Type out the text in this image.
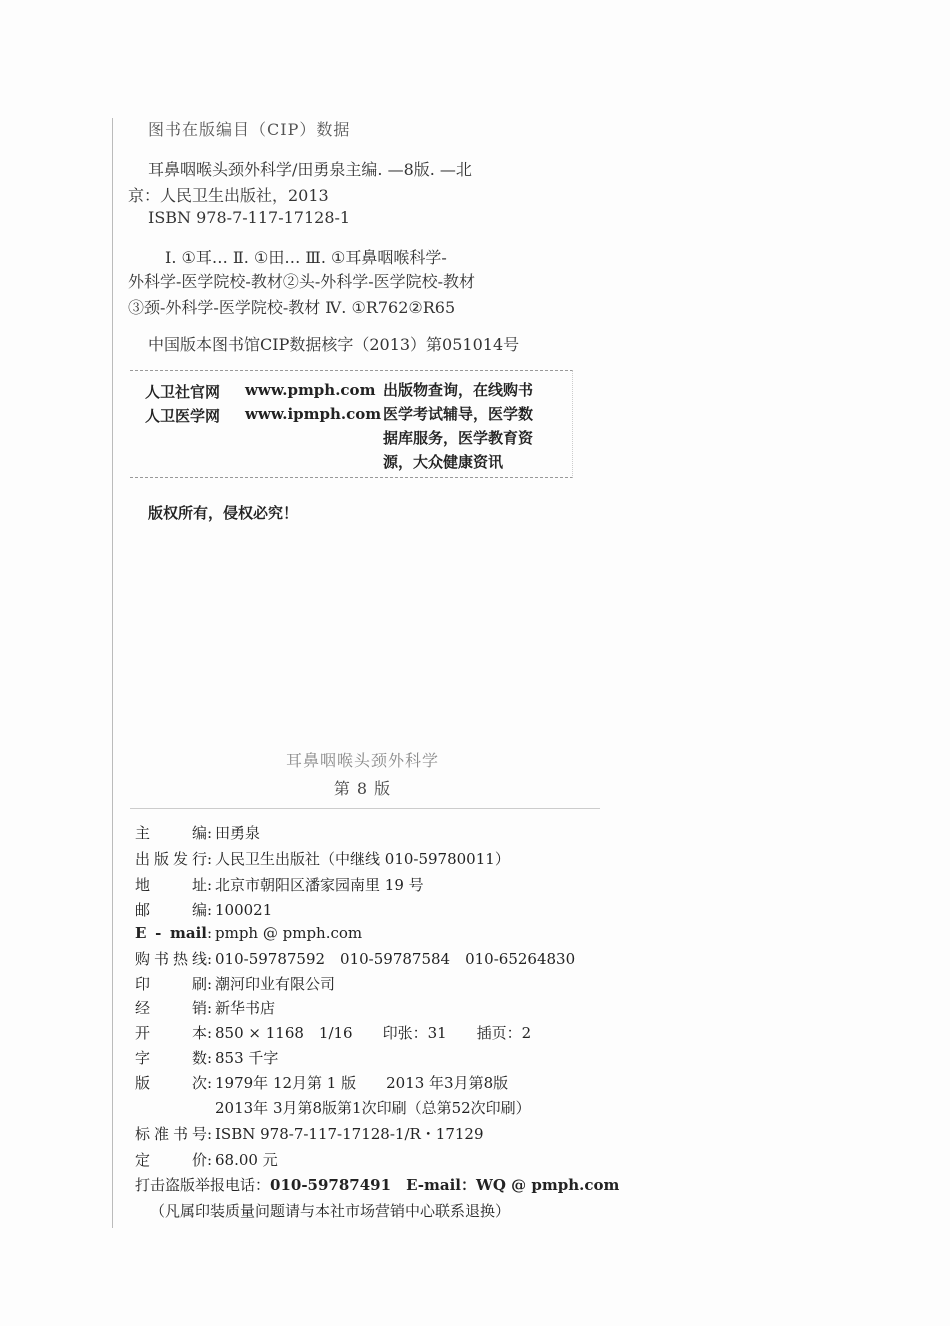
图书在版编目（CIP）数据
耳鼻咽喉头颈外科学/田勇泉主编. —8版. —北
京：人民卫生出版社，2013
ISBN 978-7-117-17128-1
Ⅰ. ①耳… Ⅱ. ①田… Ⅲ. ①耳鼻咽喉科学-
外科学-医学院校-教材②头-外科学-医学院校-教材
③颈-外科学-医学院校-教材 Ⅳ. ①R762②R65
中国版本图书馆CIP数据核字（2013）第051014号
人卫社官网 www.pmph.com
人卫医学网 www.ipmph.com
出版物查询，在线购书
医学考试辅导，医学数
据库服务，医学教育资
源，大众健康资讯
版权所有，侵权必究！
耳鼻咽喉头颈外科学
第 8 版
主编: 田勇泉
出版发行: 人民卫生出版社（中继线 010-59780011）
地址: 北京市朝阳区潘家园南里 19 号
邮编: 100021
E - mail: pmph @ pmph.com
购书热线: 010-59787592　010-59787584　010-65264830
印刷: 潮河印业有限公司
经销: 新华书店
开本: 850 × 1168　1/16　　印张：31　　插页：2
字数: 853 千字
版次: 1979年 12月第 1 版　　2013 年3月第8版
2013年 3月第8版第1次印刷（总第52次印刷）
标准书号: ISBN 978-7-117-17128-1/R・17129
定价: 68.00 元
打击盗版举报电话：010-59787491　 E-mail：WQ @ pmph.com
（凡属印装质量问题请与本社市场营销中心联系退换）
